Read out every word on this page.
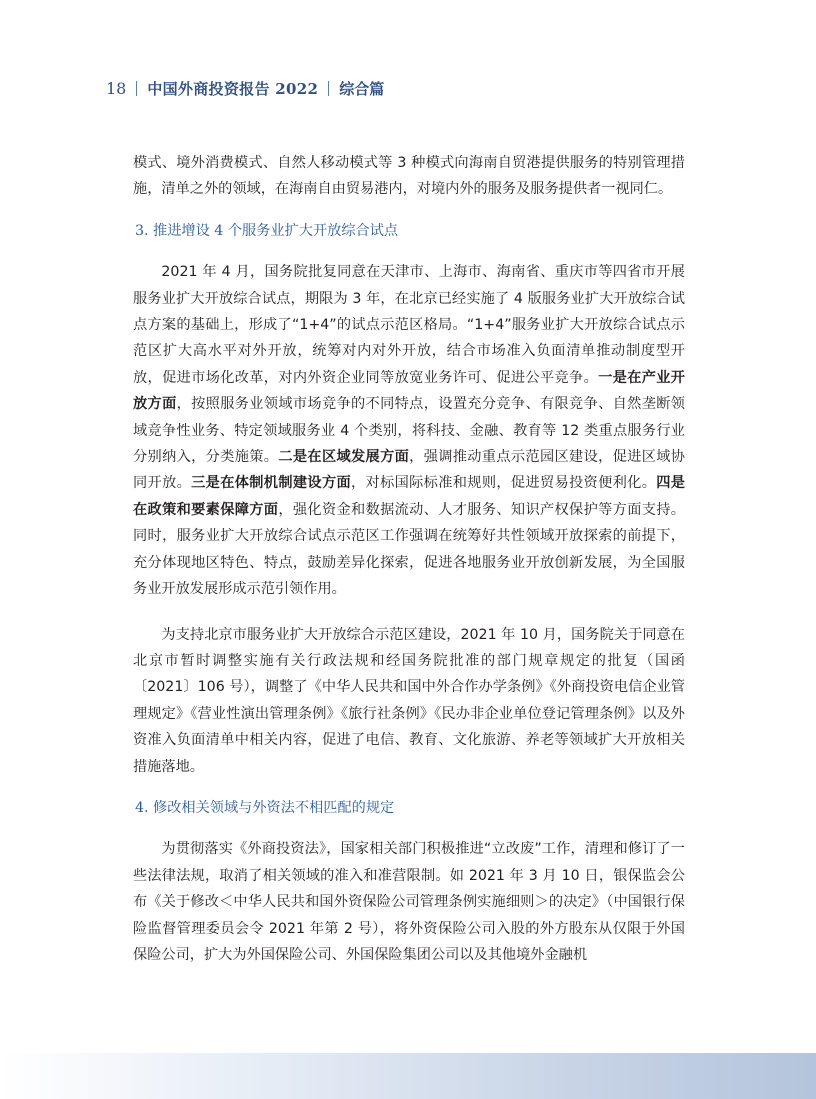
18 中国外商投资报告 2022 综合篇

模式、境外消费模式、自然人移动模式等 3 种模式向海南自贸港提供服务的特别管理措施，清单之外的领域，在海南自由贸易港内，对境内外的服务及服务提供者一视同仁。

3. 推进增设 4 个服务业扩大开放综合试点

2021 年 4 月，国务院批复同意在天津市、上海市、海南省、重庆市等四省市开展服务业扩大开放综合试点，期限为 3 年，在北京已经实施了 4 版服务业扩大开放综合试点方案的基础上，形成了“1+4”的试点示范区格局。“1+4”服务业扩大开放综合试点示范区扩大高水平对外开放，统筹对内对外开放，结合市场准入负面清单推动制度型开放，促进市场化改革，对内外资企业同等放宽业务许可、促进公平竞争。一是在产业开放方面，按照服务业领域市场竞争的不同特点，设置充分竞争、有限竞争、自然垄断领域竞争性业务、特定领域服务业 4 个类别，将科技、金融、教育等 12 类重点服务行业分别纳入，分类施策。二是在区域发展方面，强调推动重点示范园区建设，促进区域协同开放。三是在体制机制建设方面，对标国际标准和规则，促进贸易投资便利化。四是在政策和要素保障方面，强化资金和数据流动、人才服务、知识产权保护等方面支持。同时，服务业扩大开放综合试点示范区工作强调在统筹好共性领域开放探索的前提下，充分体现地区特色、特点，鼓励差异化探索，促进各地服务业开放创新发展，为全国服务业开放发展形成示范引领作用。

为支持北京市服务业扩大开放综合示范区建设，2021 年 10 月，国务院关于同意在北京市暂时调整实施有关行政法规和经国务院批准的部门规章规定的批复（国函〔2021〕106 号），调整了《中华人民共和国中外合作办学条例》《外商投资电信企业管理规定》《营业性演出管理条例》《旅行社条例》《民办非企业单位登记管理条例》以及外资准入负面清单中相关内容，促进了电信、教育、文化旅游、养老等领域扩大开放相关措施落地。

4. 修改相关领域与外资法不相匹配的规定

为贯彻落实《外商投资法》，国家相关部门积极推进“立改废”工作，清理和修订了一些法律法规，取消了相关领域的准入和准营限制。如 2021 年 3 月 10 日，银保监会公布《关于修改＜中华人民共和国外资保险公司管理条例实施细则＞的决定》（中国银行保险监督管理委员会令 2021 年第 2 号），将外资保险公司入股的外方股东从仅限于外国保险公司，扩大为外国保险公司、外国保险集团公司以及其他境外金融机
